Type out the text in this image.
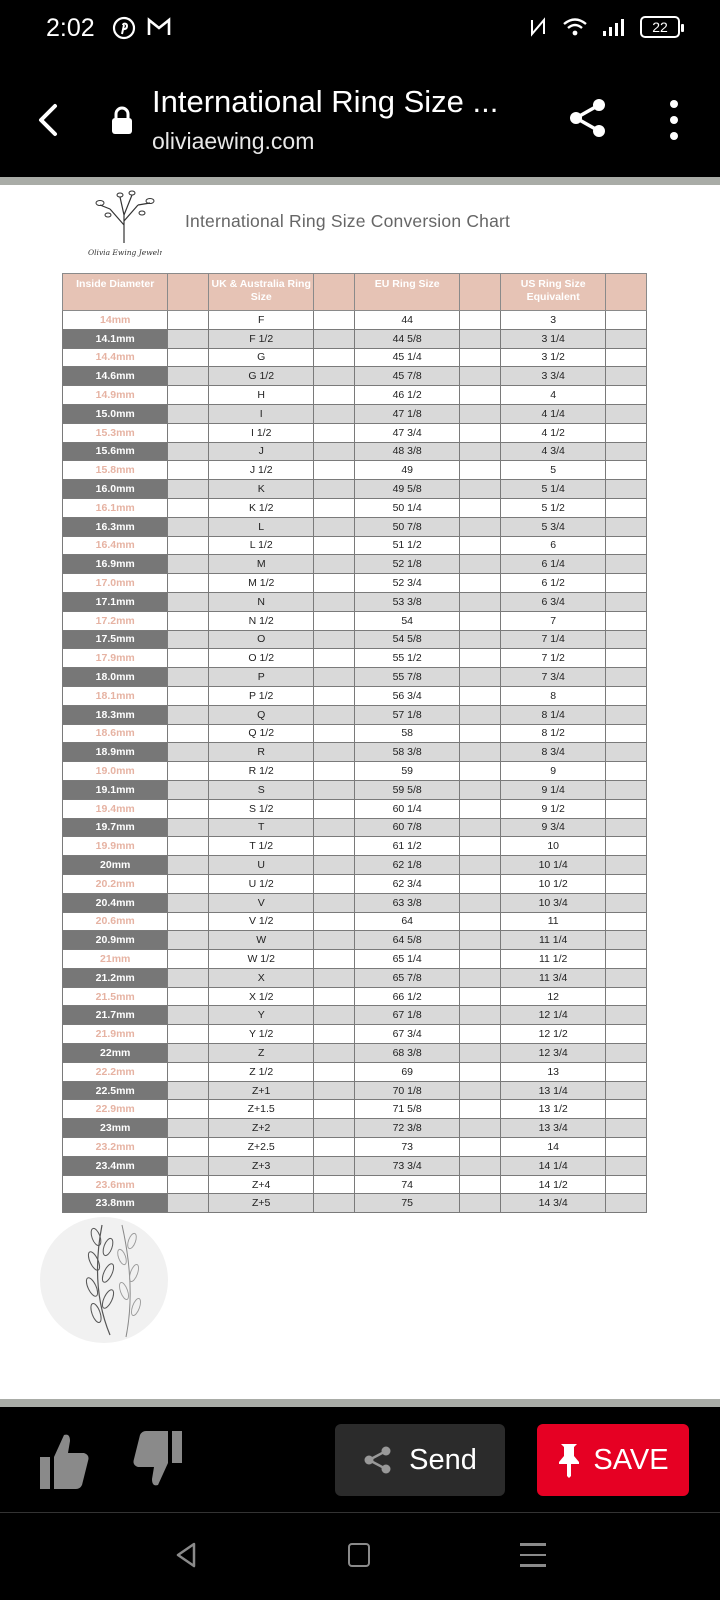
2:02	22
International Ring Size ...
oliviaewing.com
Olivia Ewing Jewelry
International Ring Size Conversion Chart
Inside Diameter		UK & Australia Ring Size		EU Ring Size		US Ring Size Equivalent	
14mm		F		44		3	
14.1mm		F 1/2		44 5/8		3 1/4	
14.4mm		G		45 1/4		3 1/2	
14.6mm		G 1/2		45 7/8		3 3/4	
14.9mm		H		46 1/2		4	
15.0mm		I		47 1/8		4 1/4	
15.3mm		I 1/2		47 3/4		4 1/2	
15.6mm		J		48 3/8		4 3/4	
15.8mm		J 1/2		49		5	
16.0mm		K		49 5/8		5 1/4	
16.1mm		K 1/2		50 1/4		5 1/2	
16.3mm		L		50 7/8		5 3/4	
16.4mm		L 1/2		51 1/2		6	
16.9mm		M		52 1/8		6 1/4	
17.0mm		M 1/2		52 3/4		6 1/2	
17.1mm		N		53 3/8		6 3/4	
17.2mm		N 1/2		54		7	
17.5mm		O		54 5/8		7 1/4	
17.9mm		O 1/2		55 1/2		7 1/2	
18.0mm		P		55 7/8		7 3/4	
18.1mm		P 1/2		56 3/4		8	
18.3mm		Q		57 1/8		8 1/4	
18.6mm		Q 1/2		58		8 1/2	
18.9mm		R		58 3/8		8 3/4	
19.0mm		R 1/2		59		9	
19.1mm		S		59 5/8		9 1/4	
19.4mm		S 1/2		60 1/4		9 1/2	
19.7mm		T		60 7/8		9 3/4	
19.9mm		T 1/2		61 1/2		10	
20mm		U		62 1/8		10 1/4	
20.2mm		U 1/2		62 3/4		10 1/2	
20.4mm		V		63 3/8		10 3/4	
20.6mm		V 1/2		64		11	
20.9mm		W		64 5/8		11 1/4	
21mm		W 1/2		65 1/4		11 1/2	
21.2mm		X		65 7/8		11 3/4	
21.5mm		X 1/2		66 1/2		12	
21.7mm		Y		67 1/8		12 1/4	
21.9mm		Y 1/2		67 3/4		12 1/2	
22mm		Z		68 3/8		12 3/4	
22.2mm		Z 1/2		69		13	
22.5mm		Z+1		70 1/8		13 1/4	
22.9mm		Z+1.5		71 5/8		13 1/2	
23mm		Z+2		72 3/8		13 3/4	
23.2mm		Z+2.5		73		14	
23.4mm		Z+3		73 3/4		14 1/4	
23.6mm		Z+4		74		14 1/2	
23.8mm		Z+5		75		14 3/4	
Send	SAVE
